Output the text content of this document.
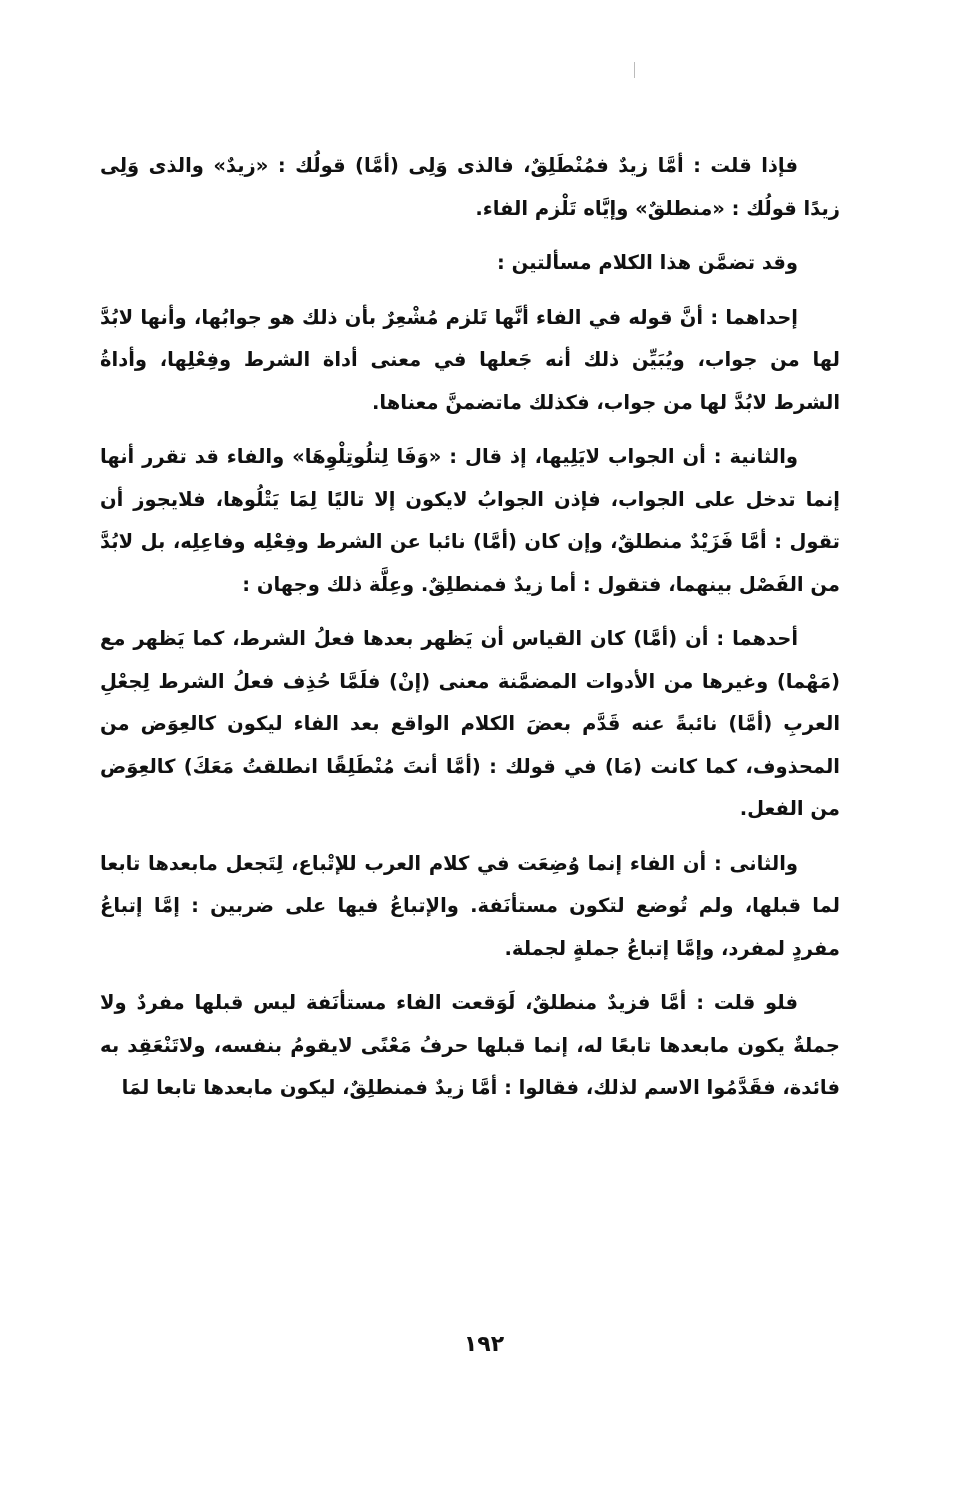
فإذا قلت : أمَّا زيدٌ فمُنْطَلِقٌ، فالذى وَلِى (أمَّا) قولُك : «زيدٌ» والذى وَلِى زيدًا قولُك : «منطلقٌ» وإيَّاه تَلْزم الفاء.

وقد تضمَّن هذا الكلام مسألتين :

إحداهما : أنَّ قوله في الفاء أنَّها تَلزم مُشْعِرٌ بأن ذلك هو جوابُها، وأنها لابُدَّ لها من جواب، ويُبَيِّن ذلك أنه جَعلها في معنى أداة الشرط وفِعْلِها، وأداةُ الشرط لابُدَّ لها من جواب، فكذلك ماتضمنَّ معناها.

والثانية : أن الجواب لايَلِيها، إذ قال : «وَفَا لِتلُوتِلْوِهَا» والفاء قد تقرر أنها إنما تدخل على الجواب، فإذن الجوابُ لايكون إلا تاليًا لِمَا يَتْلُوها، فلايجوز أن تقول : أمَّا فَزَيْدٌ منطلقٌ، وإن كان (أمَّا) نائبا عن الشرط وفِعْلِه وفاعِلِه، بل لابُدَّ من الفَصْل بينهما، فتقول : أما زيدٌ فمنطلِقٌ. وعِلَّة ذلك وجهان :

أحدهما : أن (أمَّا) كان القياس أن يَظهر بعدها فعلُ الشرط، كما يَظهر مع (مَهْما) وغيرها من الأدوات المضمَّنة معنى (إنْ) فلَمَّا حُذِف فعلُ الشرط لِجعْلِ العربِ (أمَّا) نائبةً عنه قَدَّم بعضَ الكلام الواقع بعد الفاء ليكون كالعِوَض من المحذوف، كما كانت (مَا) في قولك : (أمَّا أنتَ مُنْطَلِقًا انطلقتُ مَعَكَ) كالعِوَض من الفعل.

والثانى : أن الفاء إنما وُضِعَت في كلام العرب للإتْباع، لِتَجعل مابعدها تابعا لما قبلها، ولم تُوضع لتكون مستأنَفة. والإتباعُ فيها على ضربين : إمَّا إتباعُ مفردٍ لمفرد، وإمَّا إتباعُ جملةٍ لجملة.

فلو قلت : أمَّا فزيدٌ منطلقٌ، لَوَقعت الفاء مستأنَفة ليس قبلها مفردٌ ولا جملةٌ يكون مابعدها تابعًا له، إنما قبلها حرفُ مَعْنًى لايقومُ بنفسه، ولاتَنْعَقِد به فائدة، فقَدَّمُوا الاسم لذلك، فقالوا : أمَّا زيدٌ فمنطلِقٌ، ليكون مابعدها تابعا لمَا

١٩٢
